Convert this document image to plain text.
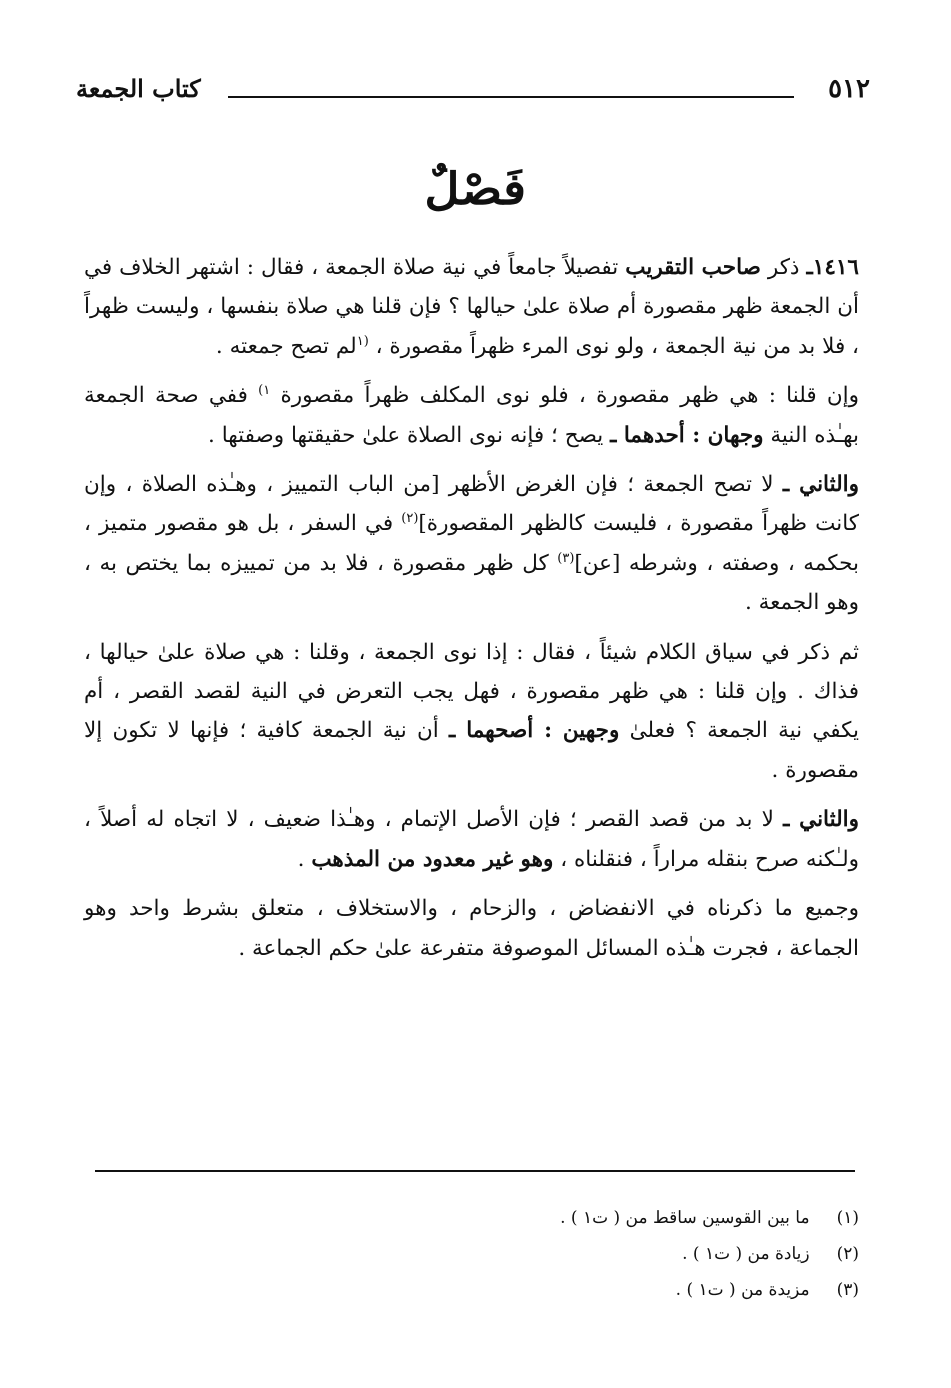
٥١٢
كتاب الجمعة
فَصْلٌ

١٤١٦ـ ذكر صاحب التقريب تفصيلاً جامعاً في نية صلاة الجمعة ، فقال : اشتهر الخلاف في أن الجمعة ظهر مقصورة أم صلاة علىٰ حيالها ؟ فإن قلنا هي صلاة بنفسها ، وليست ظهراً ، فلا بد من نية الجمعة ، ولو نوى المرء ظهراً مقصورة ، $^{(١}$لم تصح جمعته .

وإن قلنا : هي ظهر مقصورة ، فلو نوى المكلف ظهراً مقصورة $^{١)}$ ففي صحة الجمعة بهـٰذه النية وجهان : أحدهما ـ يصح ؛ فإنه نوى الصلاة علىٰ حقيقتها وصفتها .

والثاني ـ لا تصح الجمعة ؛ فإن الغرض الأظهر [من الباب التمييز ، وهـٰذه الصلاة ، وإن كانت ظهراً مقصورة ، فليست كالظهر المقصورة]$^{(٢)}$ في السفر ، بل هو مقصور متميز ، بحكمه ، وصفته ، وشرطه [عن]$^{(٣)}$ كل ظهر مقصورة ، فلا بد من تمييزه بما يختص به ، وهو الجمعة .

ثم ذكر في سياق الكلام شيئاً ، فقال : إذا نوى الجمعة ، وقلنا : هي صلاة علىٰ حيالها ، فذاك . وإن قلنا : هي ظهر مقصورة ، فهل يجب التعرض في النية لقصد القصر ، أم يكفي نية الجمعة ؟ فعلىٰ وجهين : أصحهما ـ أن نية الجمعة كافية ؛ فإنها لا تكون إلا مقصورة .

والثاني ـ لا بد من قصد القصر ؛ فإن الأصل الإتمام ، وهـٰذا ضعيف ، لا اتجاه له أصلاً ، ولـٰكنه صرح بنقله مراراً ، فنقلناه ، وهو غير معدود من المذهب .

وجميع ما ذكرناه في الانفضاض ، والزحام ، والاستخلاف ، متعلق بشرط واحد وهو الجماعة ، فجرت هـٰذه المسائل الموصوفة متفرعة علىٰ حكم الجماعة .

(١) ما بين القوسين ساقط من ( ت١ ) .
(٢) زيادة من ( ت١ ) .
(٣) مزيدة من ( ت١ ) .
